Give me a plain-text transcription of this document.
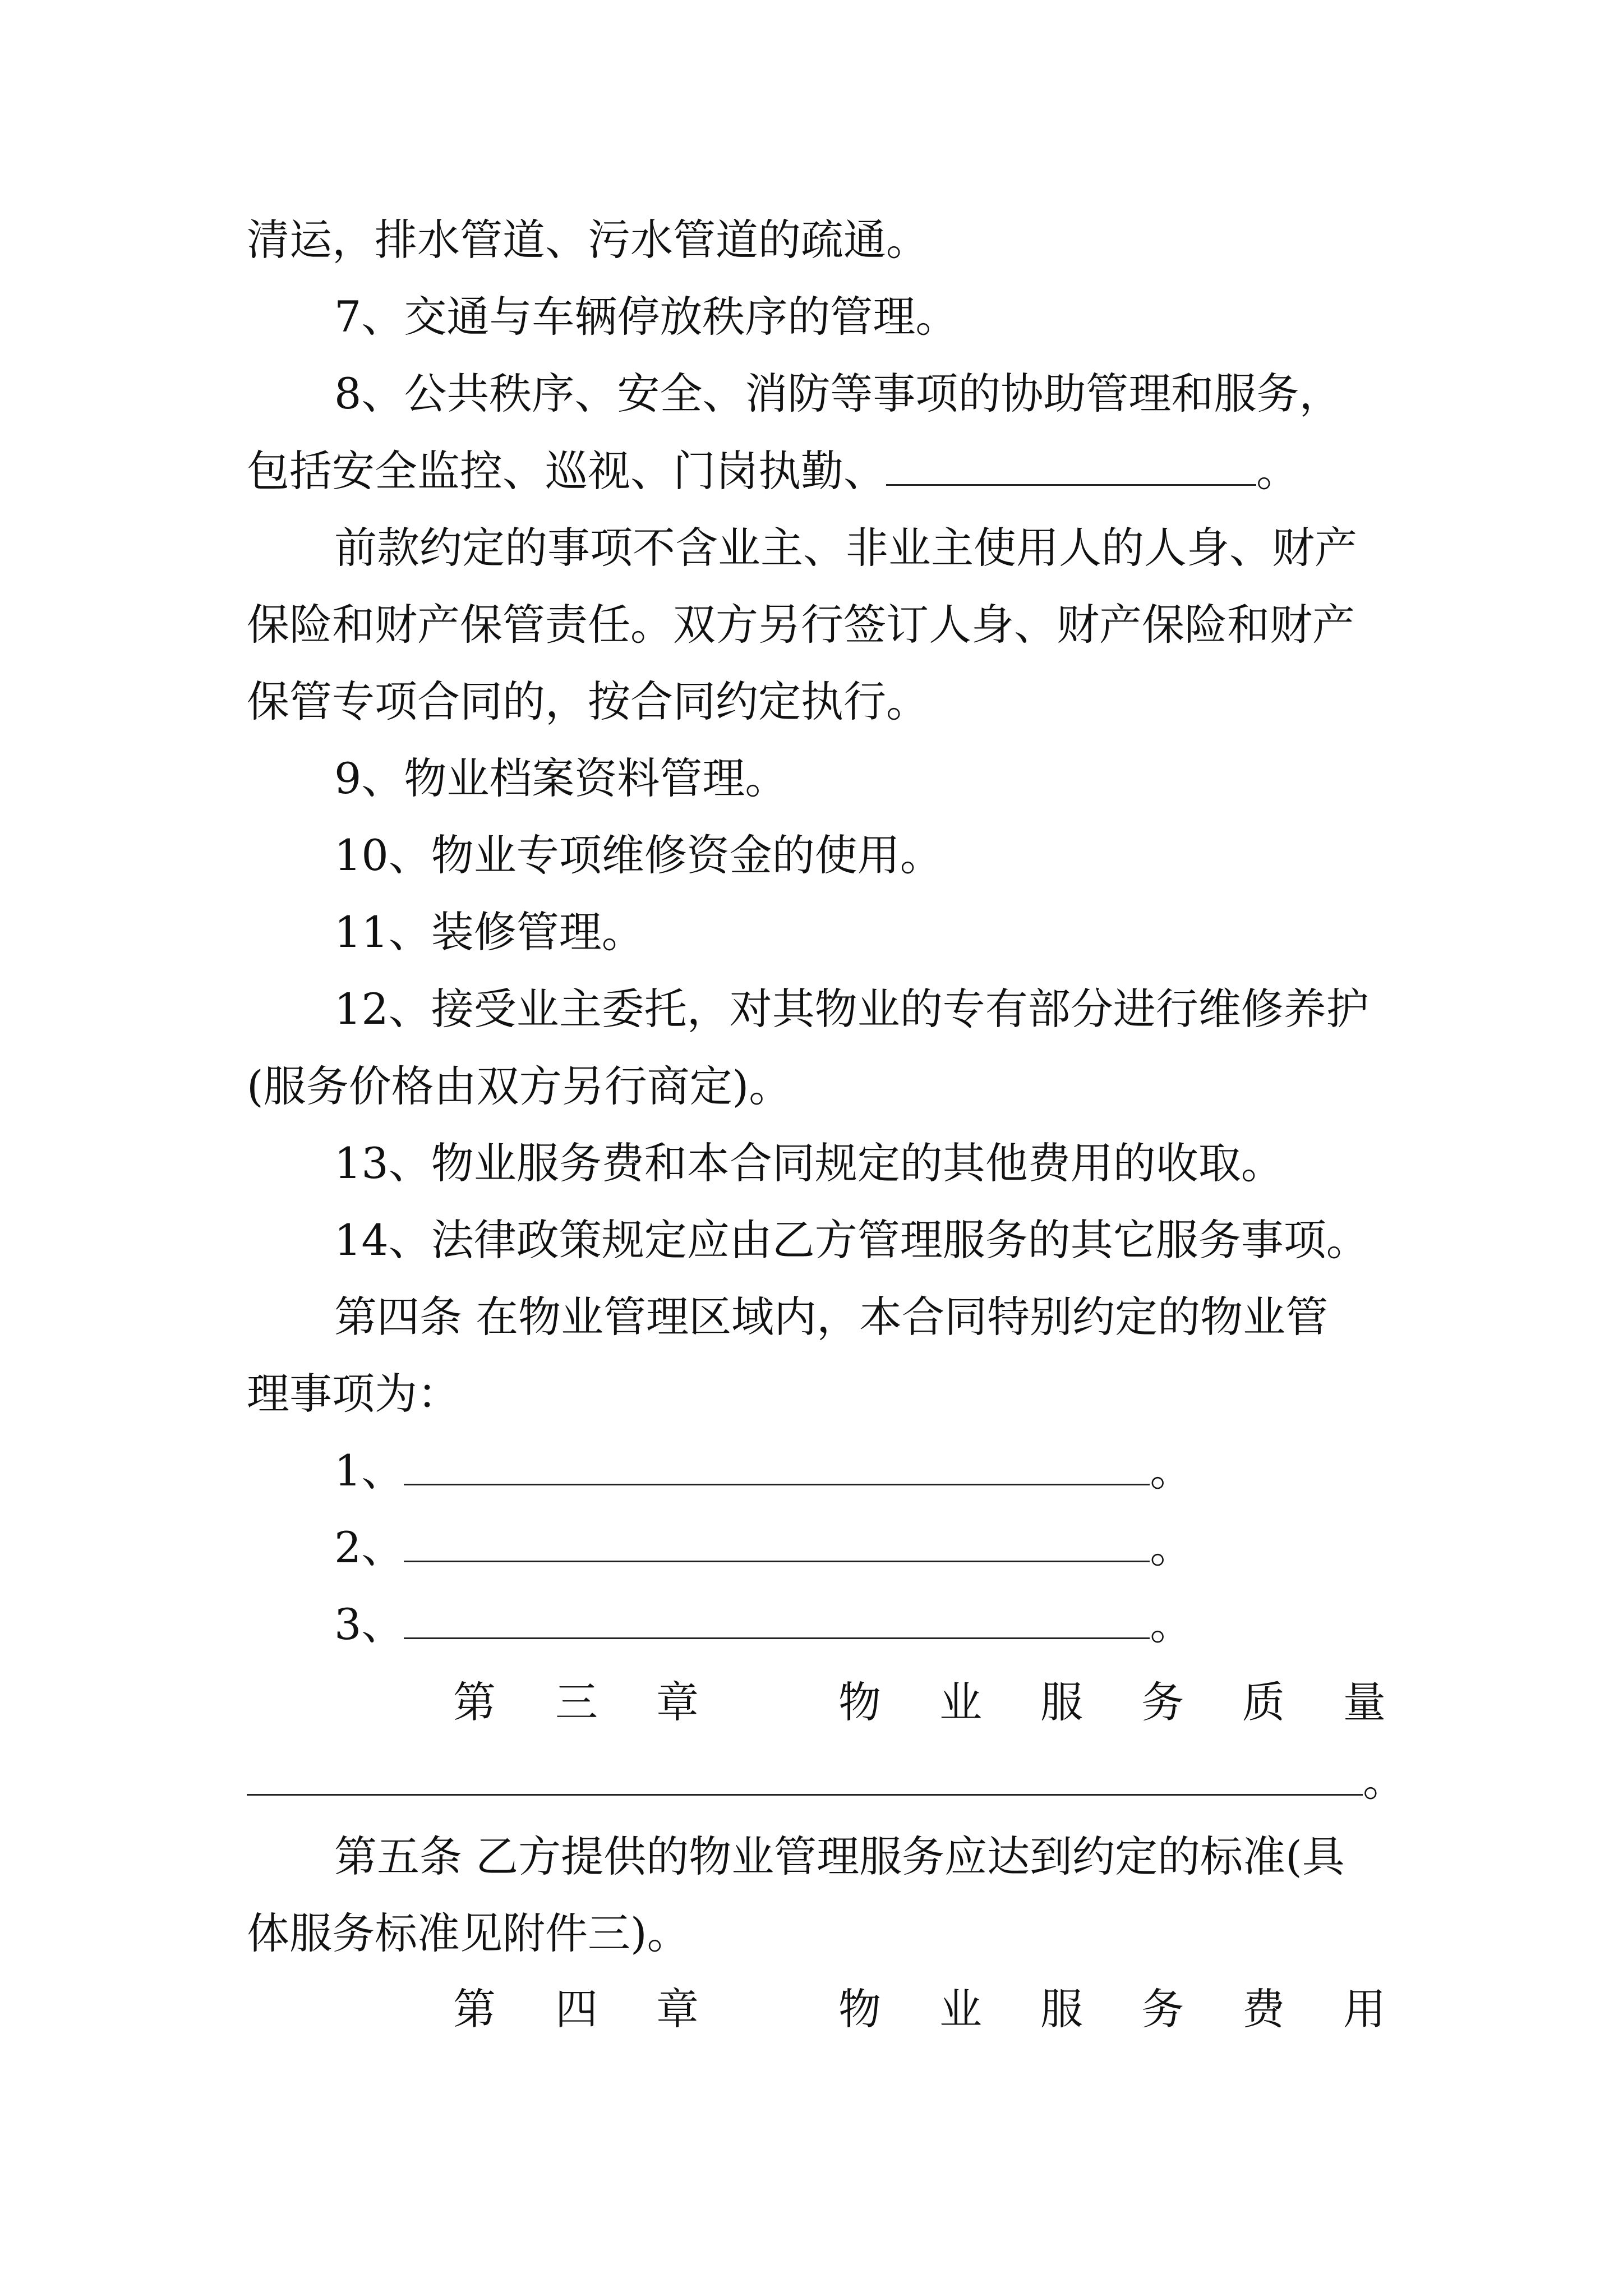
清运，排水管道、污水管道的疏通。
7、交通与车辆停放秩序的管理。
8、公共秩序、安全、消防等事项的协助管理和服务，
包括安全监控、巡视、门岗执勤、	。
前款约定的事项不含业主、非业主使用人的人身、财产
保险和财产保管责任。双方另行签订人身、财产保险和财产
保管专项合同的，按合同约定执行。
9、物业档案资料管理。
10、物业专项维修资金的使用。
11、装修管理。
12、接受业主委托，对其物业的专有部分进行维修养护
(服务价格由双方另行商定)。
13、物业服务费和本合同规定的其他费用的收取。
14、法律政策规定应由乙方管理服务的其它服务事项。
第四条 在物业管理区域内，本合同特别约定的物业管
理事项为：
1、	。
2、	。
3、	。
第 三 章	物 业 服 务 质 量
。
第五条 乙方提供的物业管理服务应达到约定的标准(具
体服务标准见附件三)。
第 四 章	物 业 服 务 费 用
